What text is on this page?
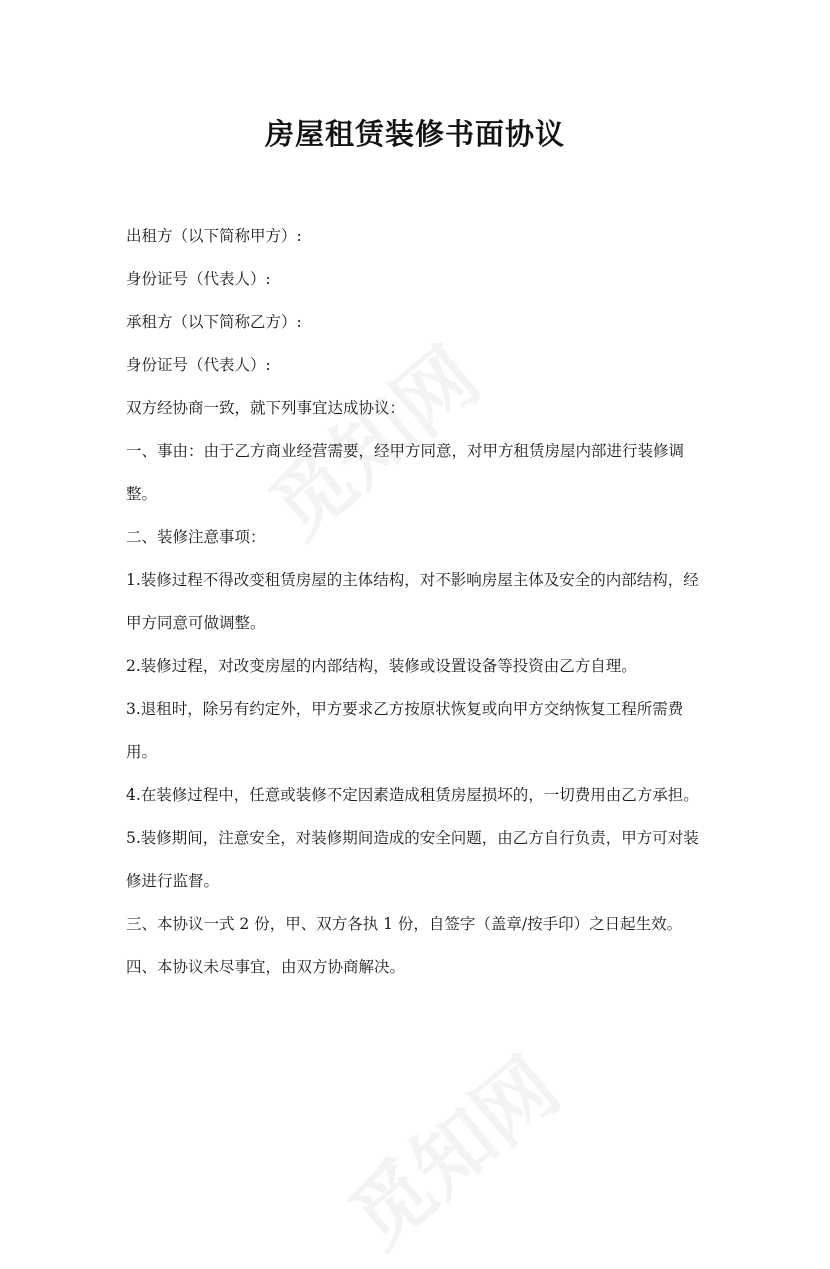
房屋租赁装修书面协议

出租方（以下简称甲方）:

身份证号（代表人）:

承租方（以下简称乙方）:

身份证号（代表人）:

双方经协商一致，就下列事宜达成协议：

一、事由：由于乙方商业经营需要，经甲方同意，对甲方租赁房屋内部进行装修调整。

二、装修注意事项：

1.装修过程不得改变租赁房屋的主体结构，对不影响房屋主体及安全的内部结构，经甲方同意可做调整。

2.装修过程，对改变房屋的内部结构，装修或设置设备等投资由乙方自理。

3.退租时，除另有约定外，甲方要求乙方按原状恢复或向甲方交纳恢复工程所需费用。

4.在装修过程中，任意或装修不定因素造成租赁房屋损坏的，一切费用由乙方承担。

5.装修期间，注意安全，对装修期间造成的安全问题，由乙方自行负责，甲方可对装修进行监督。

三、本协议一式 2 份，甲、双方各执 1 份，自签字（盖章/按手印）之日起生效。

四、本协议未尽事宜，由双方协商解决。
